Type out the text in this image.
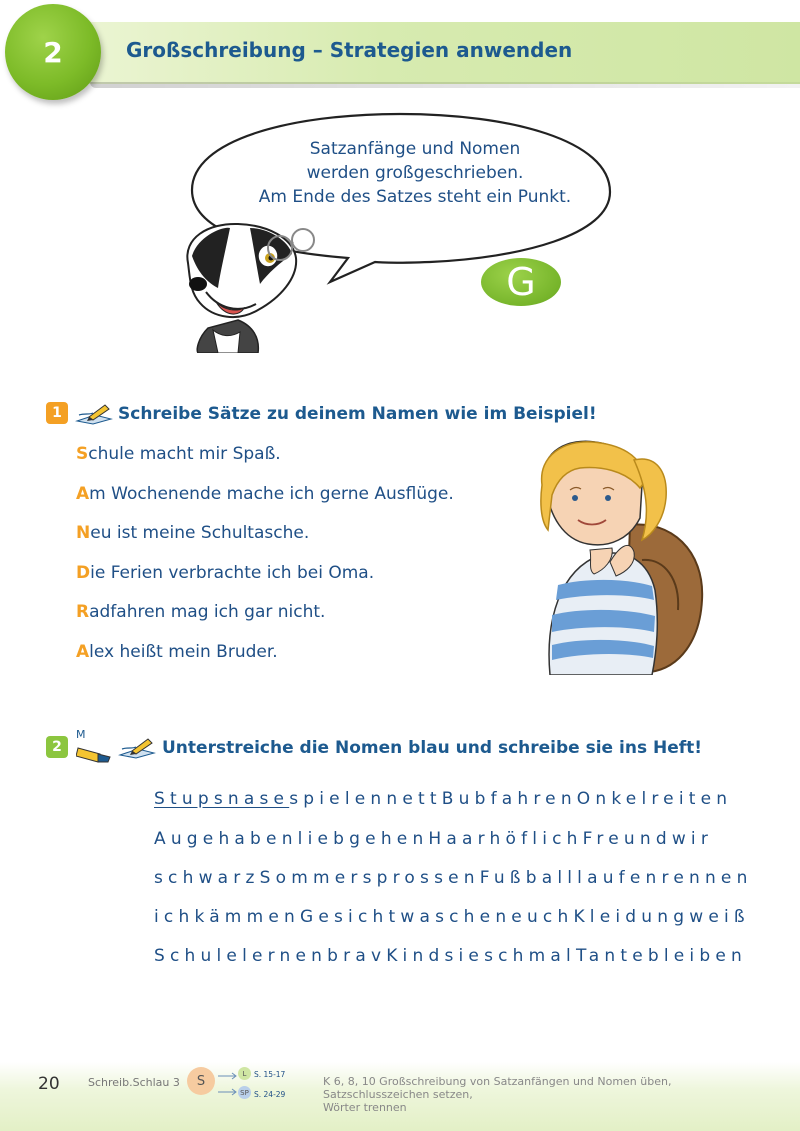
2	Großschreibung – Strategien anwenden
Satzanfänge und Nomen
werden großgeschrieben.
Am Ende des Satzes steht ein Punkt.
G
1	Schreibe Sätze zu deinem Namen wie im Beispiel!
Schule macht mir Spaß.
Am Wochenende mache ich gerne Ausflüge.
Neu ist meine Schultasche.
Die Ferien verbrachte ich bei Oma.
Radfahren mag ich gar nicht.
Alex heißt mein Bruder.
2
M
Unterstreiche die Nomen blau und schreibe sie ins Heft!
StupsnasespielennettBubfahrenOnkelreiten
AugehabenliebgehenHaarhöflichFreundwir
schwarzSommersprossenFußballlaufenrennen
ichkämmenGesichtwascheneuchKleidungweiß
SchulelernenbravKindsieschmalTantebleiben
20	Schreib.Schlau 3	S	L	S. 15-17
SP S. 24-29
K 6, 8, 10 Großschreibung von Satzanfängen und Nomen üben,
Satzschlusszeichen setzen,
Wörter trennen
